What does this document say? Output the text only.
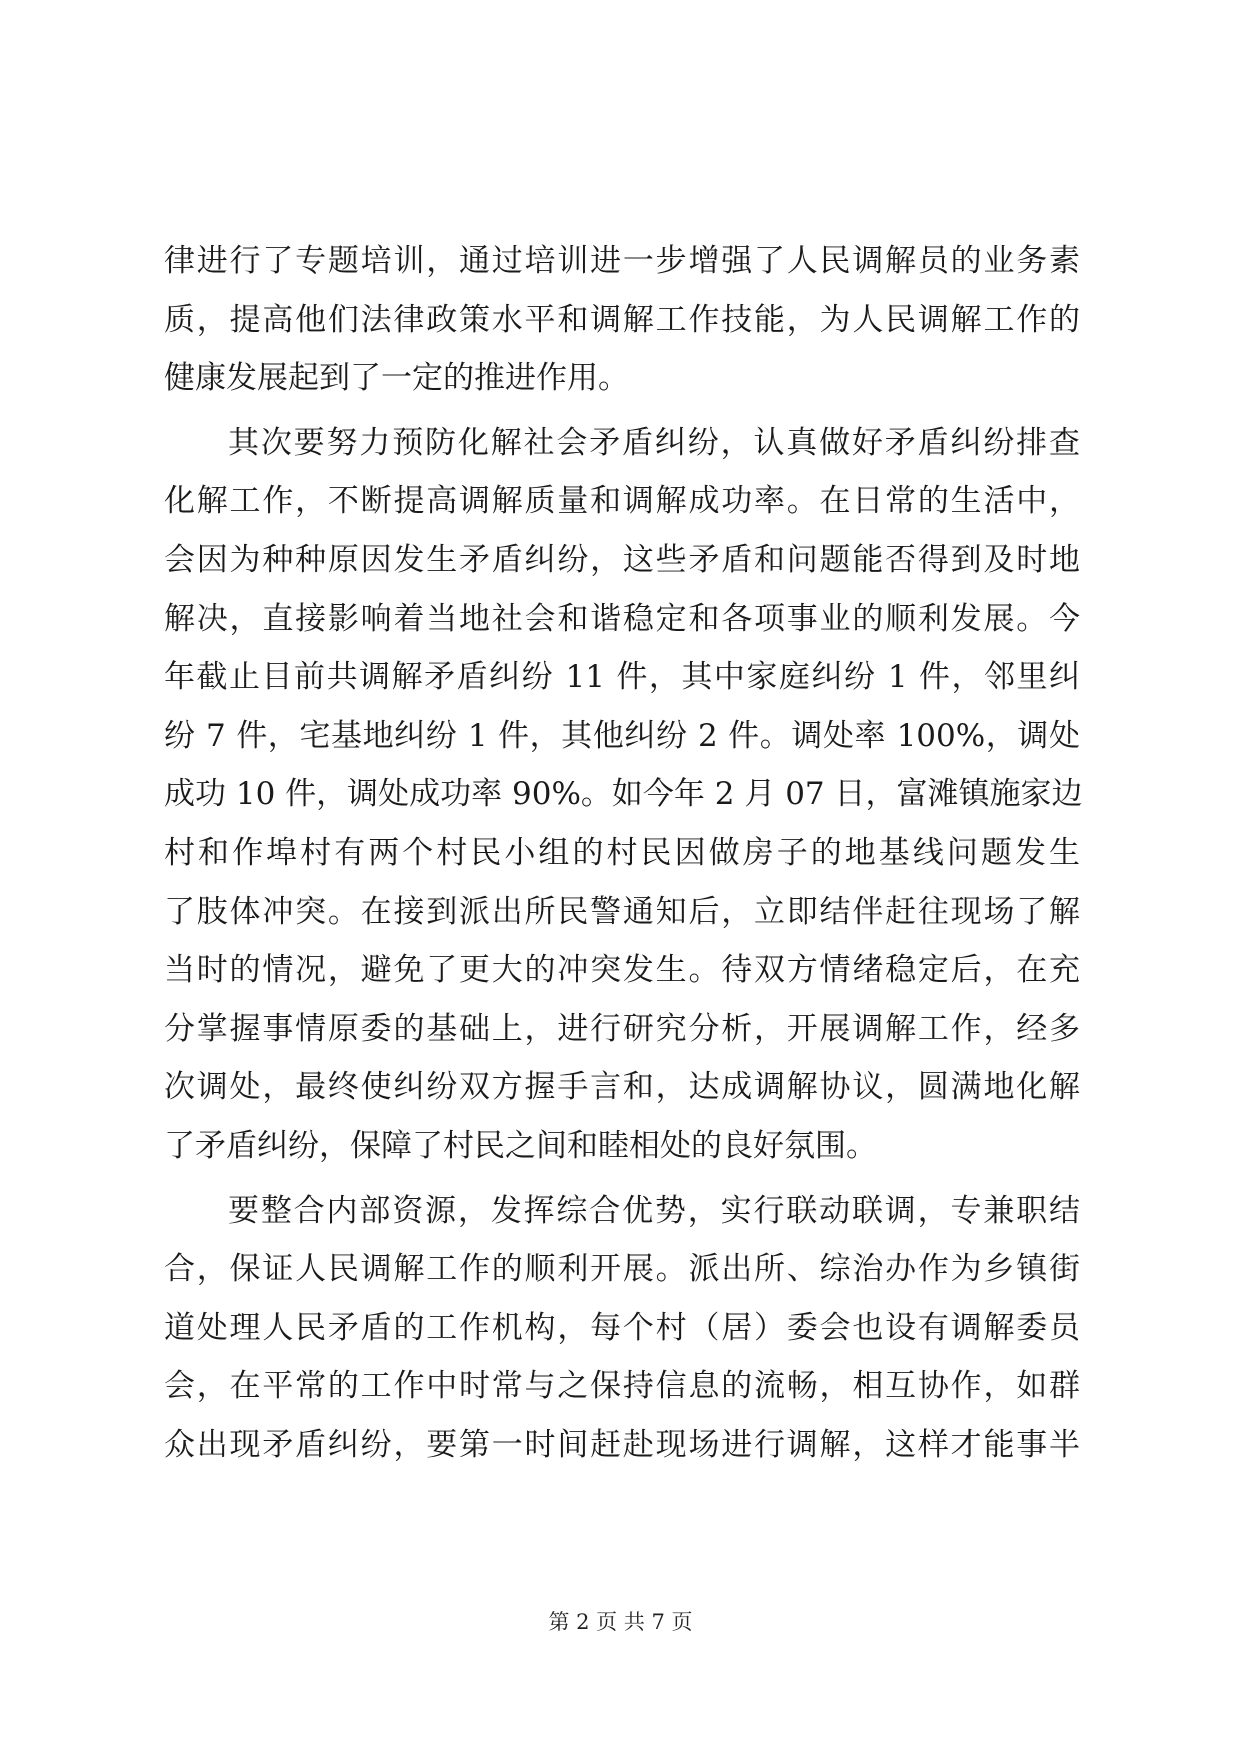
律进行了专题培训，通过培训进一步增强了人民调解员的业务素
质，提高他们法律政策水平和调解工作技能，为人民调解工作的
健康发展起到了一定的推进作用。
其次要努力预防化解社会矛盾纠纷，认真做好矛盾纠纷排查
化解工作，不断提高调解质量和调解成功率。在日常的生活中，
会因为种种原因发生矛盾纠纷，这些矛盾和问题能否得到及时地
解决，直接影响着当地社会和谐稳定和各项事业的顺利发展。今
年截止目前共调解矛盾纠纷 11 件，其中家庭纠纷 1 件，邻里纠
纷 7 件，宅基地纠纷 1 件，其他纠纷 2 件。调处率 100%，调处
成功 10 件，调处成功率 90%。如今年 2 月 07 日，富滩镇施家边
村和作埠村有两个村民小组的村民因做房子的地基线问题发生
了肢体冲突。在接到派出所民警通知后，立即结伴赶往现场了解
当时的情况，避免了更大的冲突发生。待双方情绪稳定后，在充
分掌握事情原委的基础上，进行研究分析，开展调解工作，经多
次调处，最终使纠纷双方握手言和，达成调解协议，圆满地化解
了矛盾纠纷，保障了村民之间和睦相处的良好氛围。
要整合内部资源，发挥综合优势，实行联动联调，专兼职结
合，保证人民调解工作的顺利开展。派出所、综治办作为乡镇街
道处理人民矛盾的工作机构，每个村（居）委会也设有调解委员
会，在平常的工作中时常与之保持信息的流畅，相互协作，如群
众出现矛盾纠纷，要第一时间赶赴现场进行调解，这样才能事半
第 2 页 共 7 页
